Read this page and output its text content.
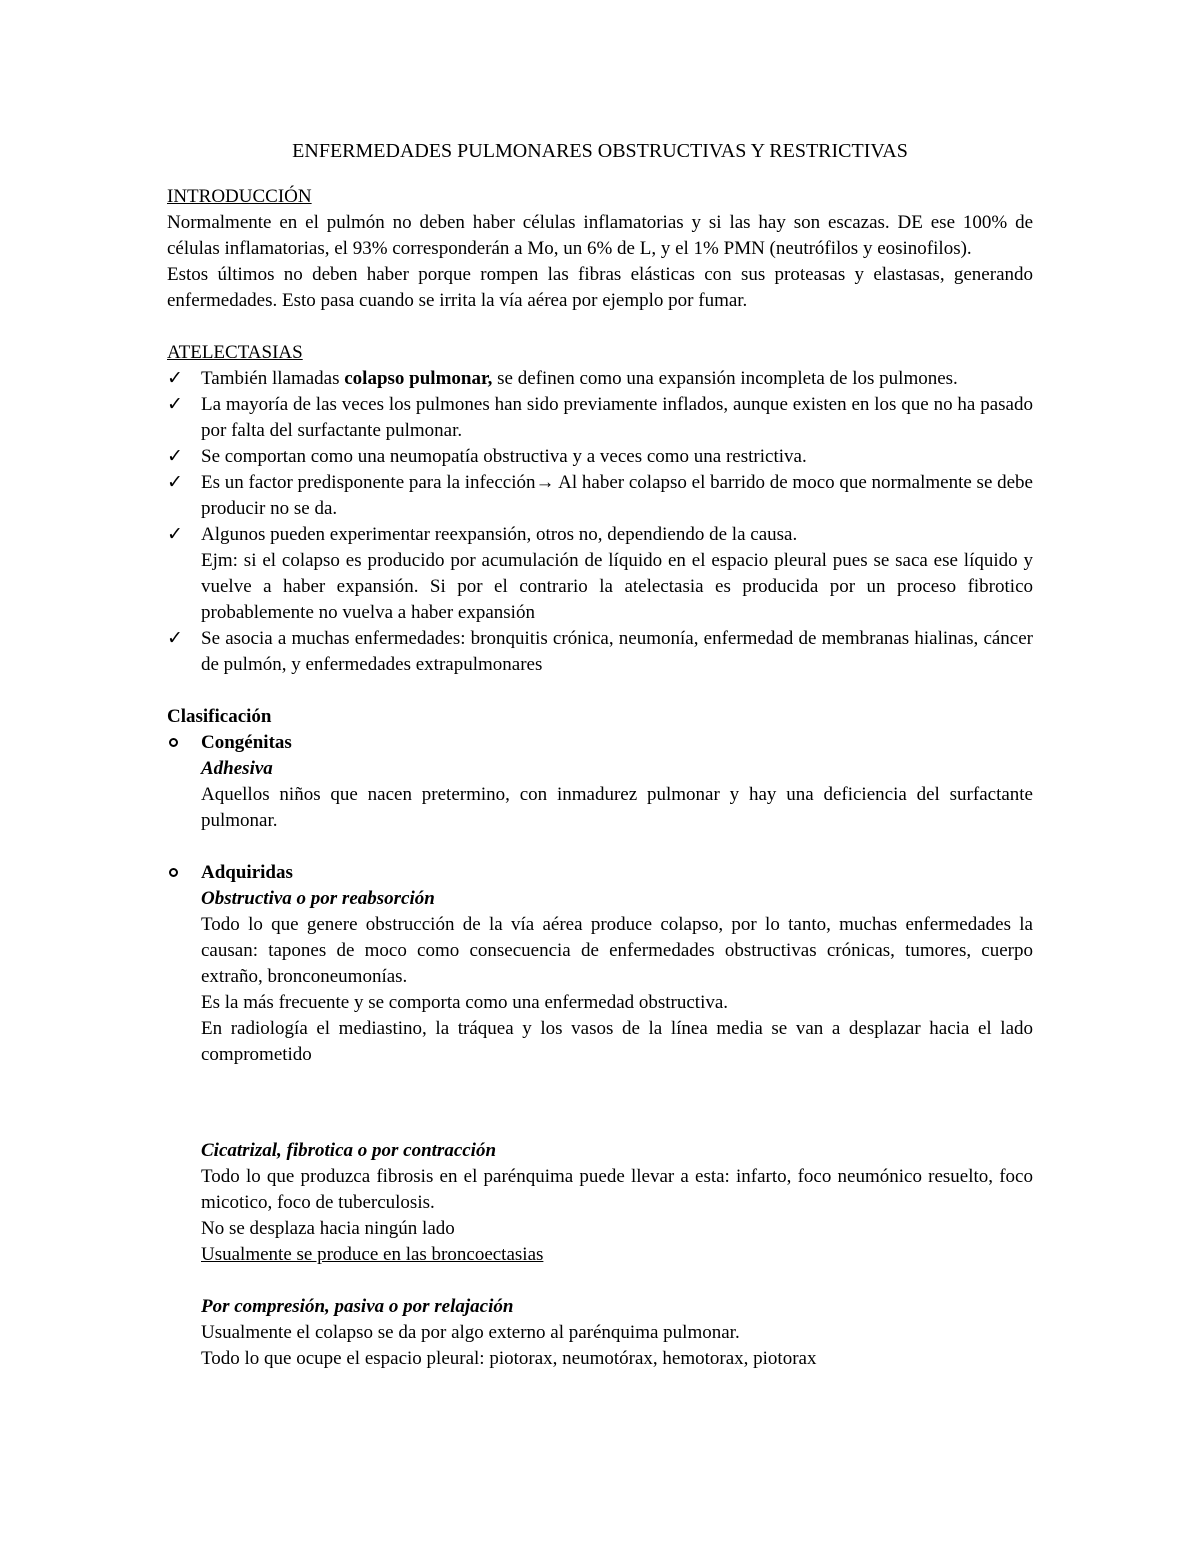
ENFERMEDADES PULMONARES OBSTRUCTIVAS Y RESTRICTIVAS
INTRODUCCIÓN

Normalmente en el pulmón no deben haber células inflamatorias y si las hay son escazas. DE ese 100% de células inflamatorias, el 93% corresponderán a Mo, un 6% de L, y el 1% PMN (neutrófilos y eosinofilos).

Estos últimos no deben haber porque rompen las fibras elásticas con sus proteasas y elastasas, generando enfermedades. Esto pasa cuando se irrita la vía aérea por ejemplo por fumar.

ATELECTASIAS
✓ También llamadas colapso pulmonar, se definen como una expansión incompleta de los pulmones.
✓ La mayoría de las veces los pulmones han sido previamente inflados, aunque existen en los que no ha pasado por falta del surfactante pulmonar.
✓ Se comportan como una neumopatía obstructiva y a veces como una restrictiva.
✓ Es un factor predisponente para la infección→ Al haber colapso el barrido de moco que normalmente se debe producir no se da.
✓ Algunos pueden experimentar reexpansión, otros no, dependiendo de la causa.
Ejm: si el colapso es producido por acumulación de líquido en el espacio pleural pues se saca ese líquido y vuelve a haber expansión. Si por el contrario la atelectasia es producida por un proceso fibrotico probablemente no vuelva a haber expansión
✓ Se asocia a muchas enfermedades: bronquitis crónica, neumonía, enfermedad de membranas hialinas, cáncer de pulmón, y enfermedades extrapulmonares
Clasificación
Congénitas
Adhesiva

Aquellos niños que nacen pretermino, con inmadurez pulmonar y hay una deficiencia del surfactante pulmonar.

Adquiridas
Obstructiva o por reabsorción

Todo lo que genere obstrucción de la vía aérea produce colapso, por lo tanto, muchas enfermedades la causan: tapones de moco como consecuencia de enfermedades obstructivas crónicas, tumores, cuerpo extraño, bronconeumonías.

Es la más frecuente y se comporta como una enfermedad obstructiva.

En radiología el mediastino, la tráquea y los vasos de la línea media se van a desplazar hacia el lado comprometido

Cicatrizal, fibrotica o por contracción

Todo lo que produzca fibrosis en el parénquima puede llevar a esta: infarto, foco neumónico resuelto, foco micotico, foco de tuberculosis.

No se desplaza hacia ningún lado

Usualmente se produce en las broncoectasias

Por compresión, pasiva o por relajación

Usualmente el colapso se da por algo externo al parénquima pulmonar.

Todo lo que ocupe el espacio pleural: piotorax, neumotórax, hemotorax, piotorax
